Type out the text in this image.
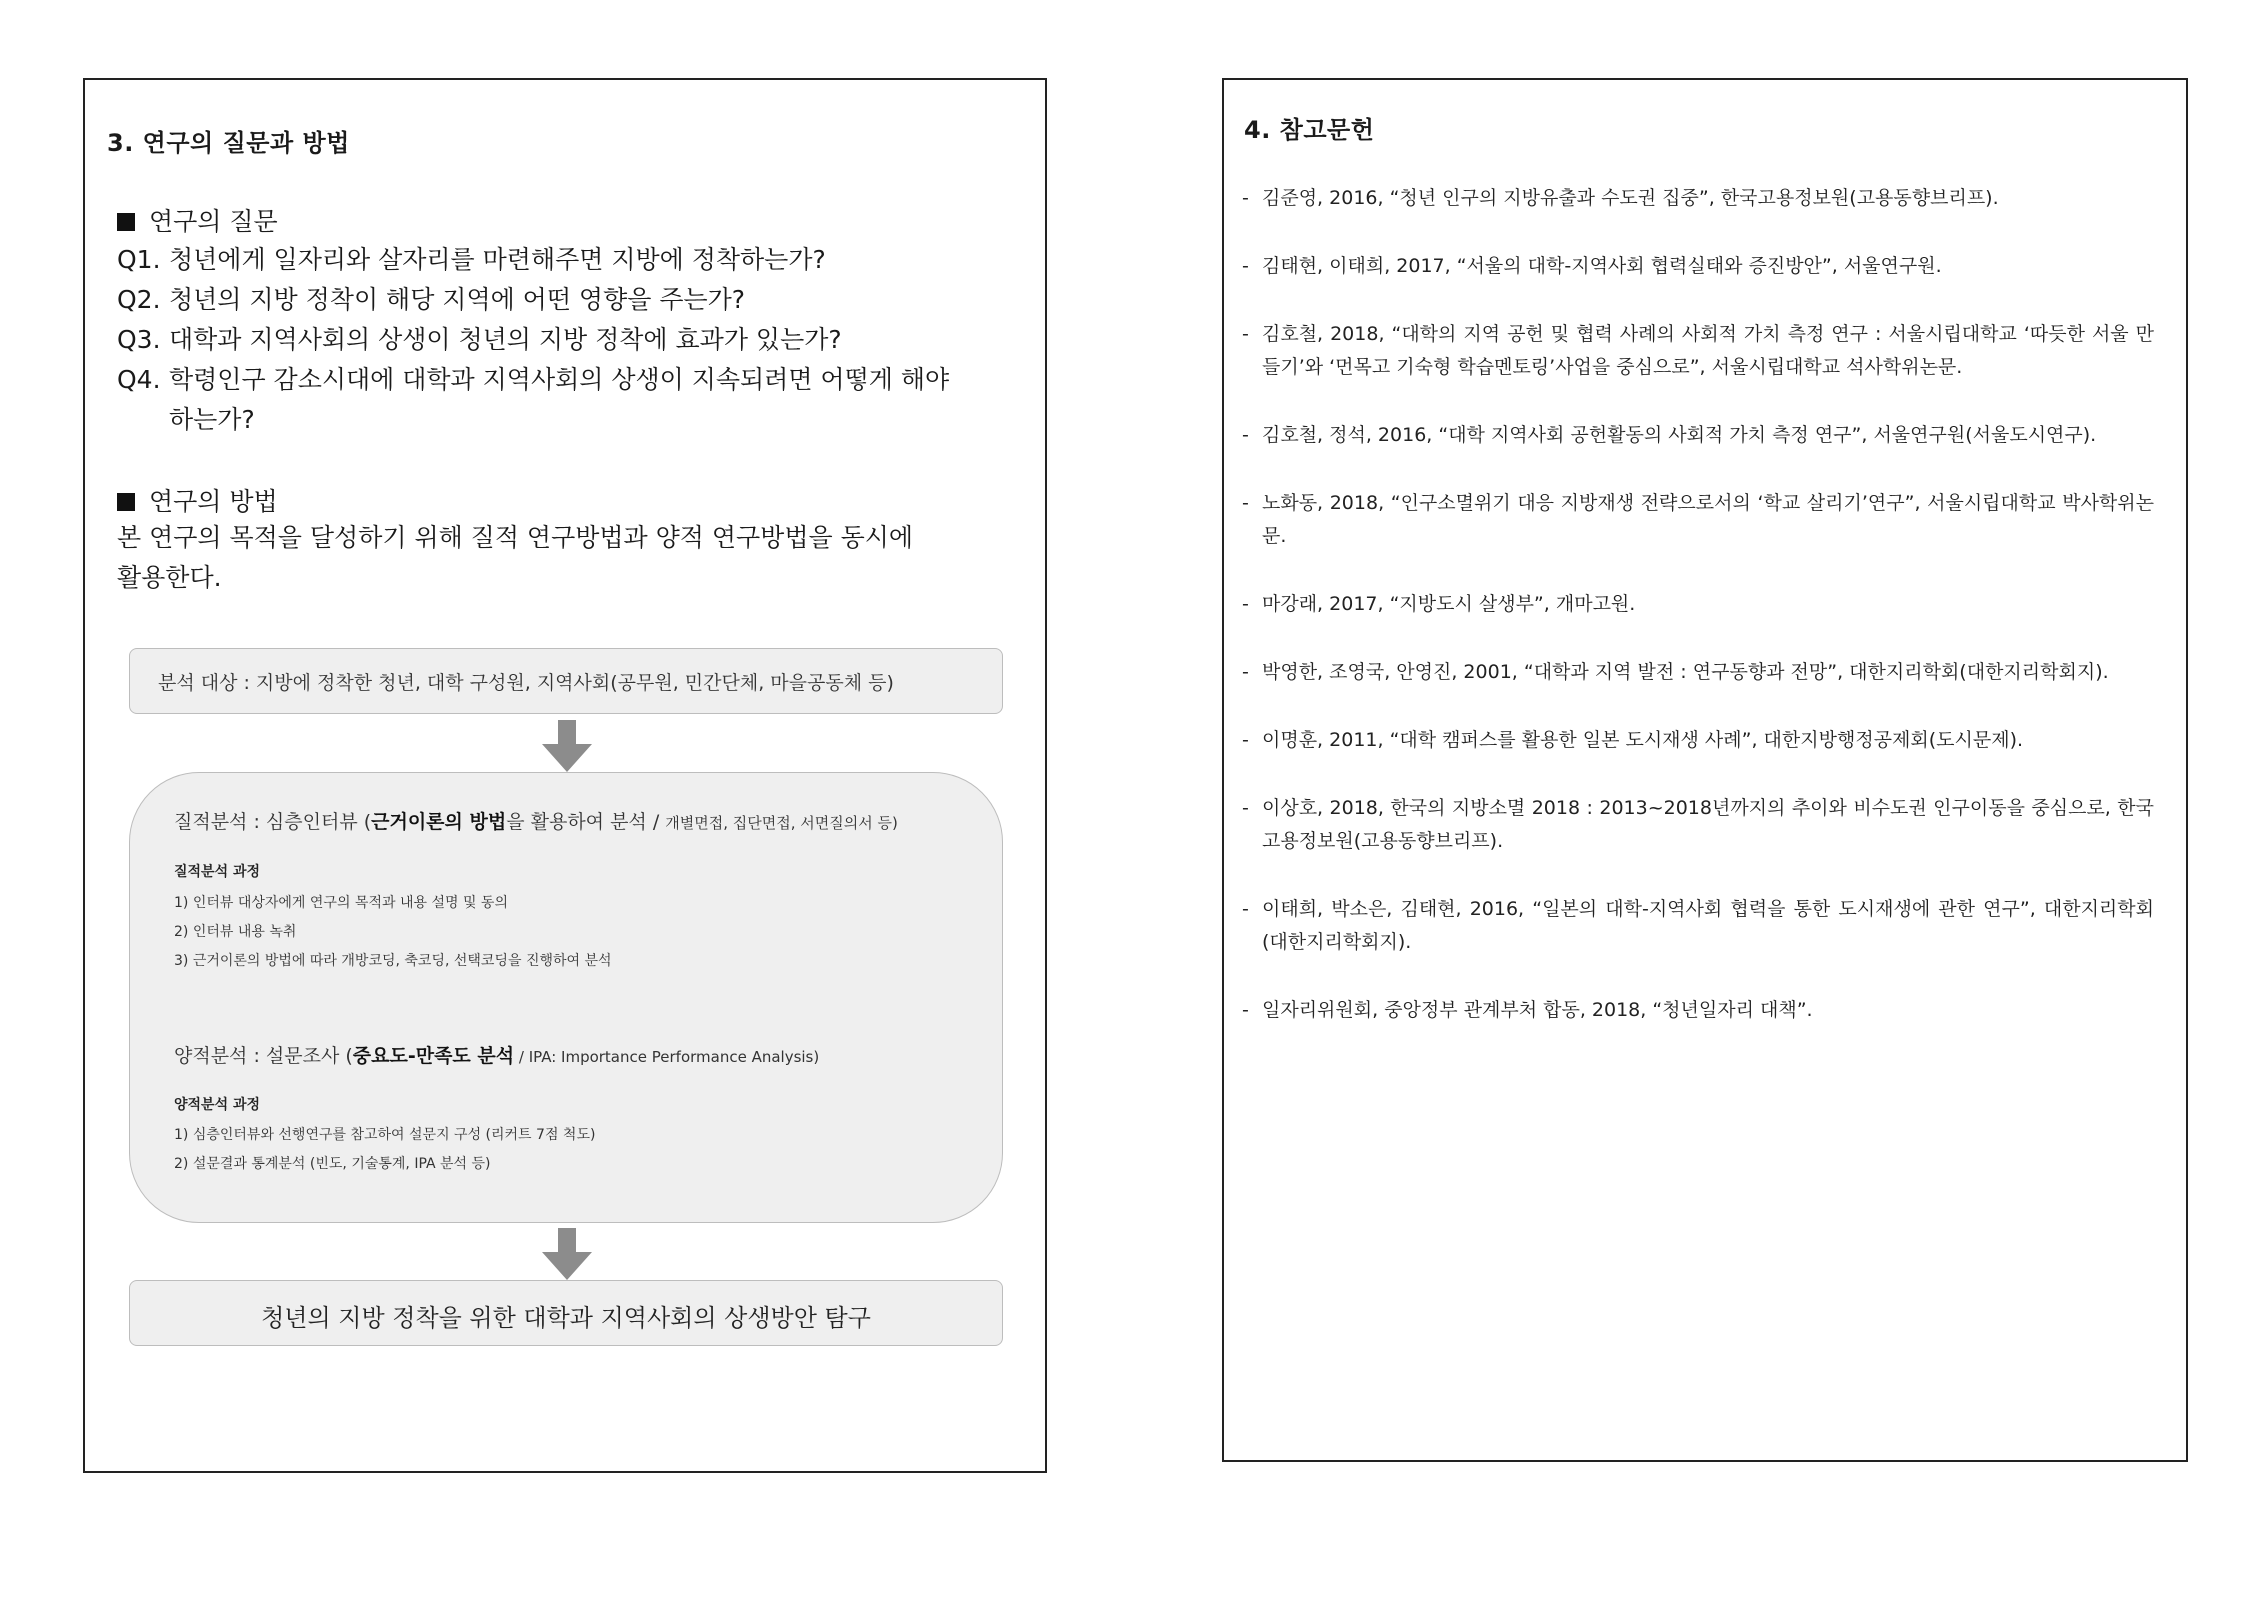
3. 연구의 질문과 방법
연구의 질문
Q1. 청년에게 일자리와 살자리를 마련해주면 지방에 정착하는가?
Q2. 청년의 지방 정착이 해당 지역에 어떤 영향을 주는가?
Q3. 대학과 지역사회의 상생이 청년의 지방 정착에 효과가 있는가?
Q4. 학령인구 감소시대에 대학과 지역사회의 상생이 지속되려면 어떻게 해야
하는가?
연구의 방법
본 연구의 목적을 달성하기 위해 질적 연구방법과 양적 연구방법을 동시에
활용한다.
분석 대상 : 지방에 정착한 청년, 대학 구성원, 지역사회(공무원, 민간단체, 마을공동체 등)
질적분석 : 심층인터뷰 (근거이론의 방법을 활용하여 분석 / 개별면접, 집단면접, 서면질의서 등)
질적분석 과정
1) 인터뷰 대상자에게 연구의 목적과 내용 설명 및 동의
2) 인터뷰 내용 녹취
3) 근거이론의 방법에 따라 개방코딩, 축코딩, 선택코딩을 진행하여 분석
양적분석 : 설문조사 (중요도-만족도 분석 / IPA: Importance Performance Analysis)
양적분석 과정
1) 심층인터뷰와 선행연구를 참고하여 설문지 구성 (리커트 7점 척도)
2) 설문결과 통계분석 (빈도, 기술통계, IPA 분석 등)
청년의 지방 정착을 위한 대학과 지역사회의 상생방안 탐구
4. 참고문헌
- 김준영, 2016, “청년 인구의 지방유출과 수도권 집중”, 한국고용정보원(고용동향브리프).
- 김태현, 이태희, 2017, “서울의 대학-지역사회 협력실태와 증진방안”, 서울연구원.
- 김호철, 2018, “대학의 지역 공헌 및 협력 사례의 사회적 가치 측정 연구 : 서울시립대학교 ‘따듯한 서울 만들기’와 ‘먼목고 기숙형 학습멘토링’사업을 중심으로”, 서울시립대학교 석사학위논문.
- 김호철, 정석, 2016, “대학 지역사회 공헌활동의 사회적 가치 측정 연구”, 서울연구원(서울도시연구).
- 노화동, 2018, “인구소멸위기 대응 지방재생 전략으로서의 ‘학교 살리기’연구”, 서울시립대학교 박사학위논문.
- 마강래, 2017, “지방도시 살생부”, 개마고원.
- 박영한, 조영국, 안영진, 2001, “대학과 지역 발전 : 연구동향과 전망”, 대한지리학회(대한지리학회지).
- 이명훈, 2011, “대학 캠퍼스를 활용한 일본 도시재생 사례”, 대한지방행정공제회(도시문제).
- 이상호, 2018, 한국의 지방소멸 2018 : 2013~2018년까지의 추이와 비수도권 인구이동을 중심으로, 한국고용정보원(고용동향브리프).
- 이태희, 박소은, 김태현, 2016, “일본의 대학-지역사회 협력을 통한 도시재생에 관한 연구”, 대한지리학회(대한지리학회지).
- 일자리위원회, 중앙정부 관계부처 합동, 2018, “청년일자리 대책”.
